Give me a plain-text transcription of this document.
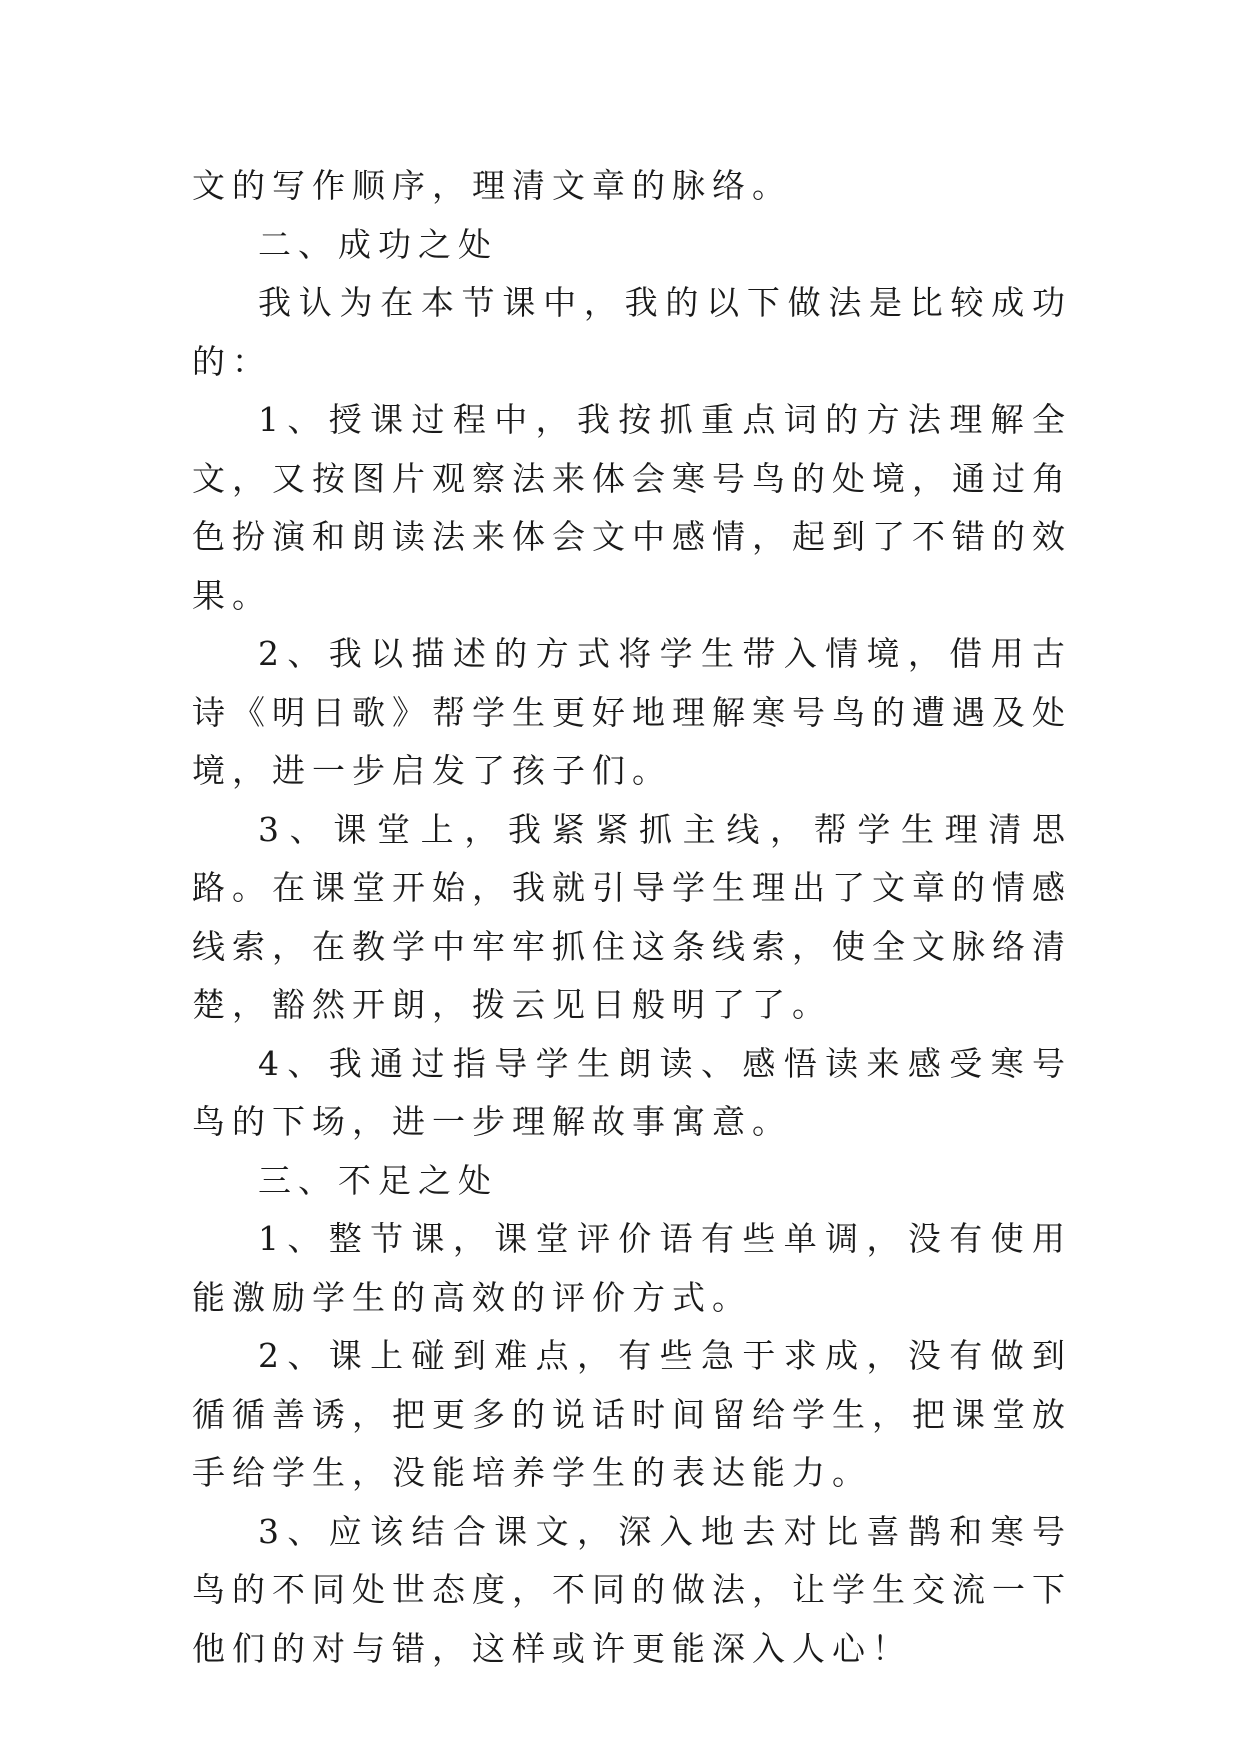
文的写作顺序，理清文章的脉络。

二、成功之处

我认为在本节课中，我的以下做法是比较成功的：

1、授课过程中，我按抓重点词的方法理解全文，又按图片观察法来体会寒号鸟的处境，通过角色扮演和朗读法来体会文中感情，起到了不错的效果。

2、我以描述的方式将学生带入情境，借用古诗《明日歌》帮学生更好地理解寒号鸟的遭遇及处境，进一步启发了孩子们。

3、课堂上，我紧紧抓主线，帮学生理清思路。在课堂开始，我就引导学生理出了文章的情感线索，在教学中牢牢抓住这条线索，使全文脉络清楚，豁然开朗，拨云见日般明了了。

4、我通过指导学生朗读、感悟读来感受寒号鸟的下场，进一步理解故事寓意。

三、不足之处

1、整节课，课堂评价语有些单调，没有使用能激励学生的高效的评价方式。

2、课上碰到难点，有些急于求成，没有做到循循善诱，把更多的说话时间留给学生，把课堂放手给学生，没能培养学生的表达能力。

3、应该结合课文，深入地去对比喜鹊和寒号鸟的不同处世态度，不同的做法，让学生交流一下他们的对与错，这样或许更能深入人心！
